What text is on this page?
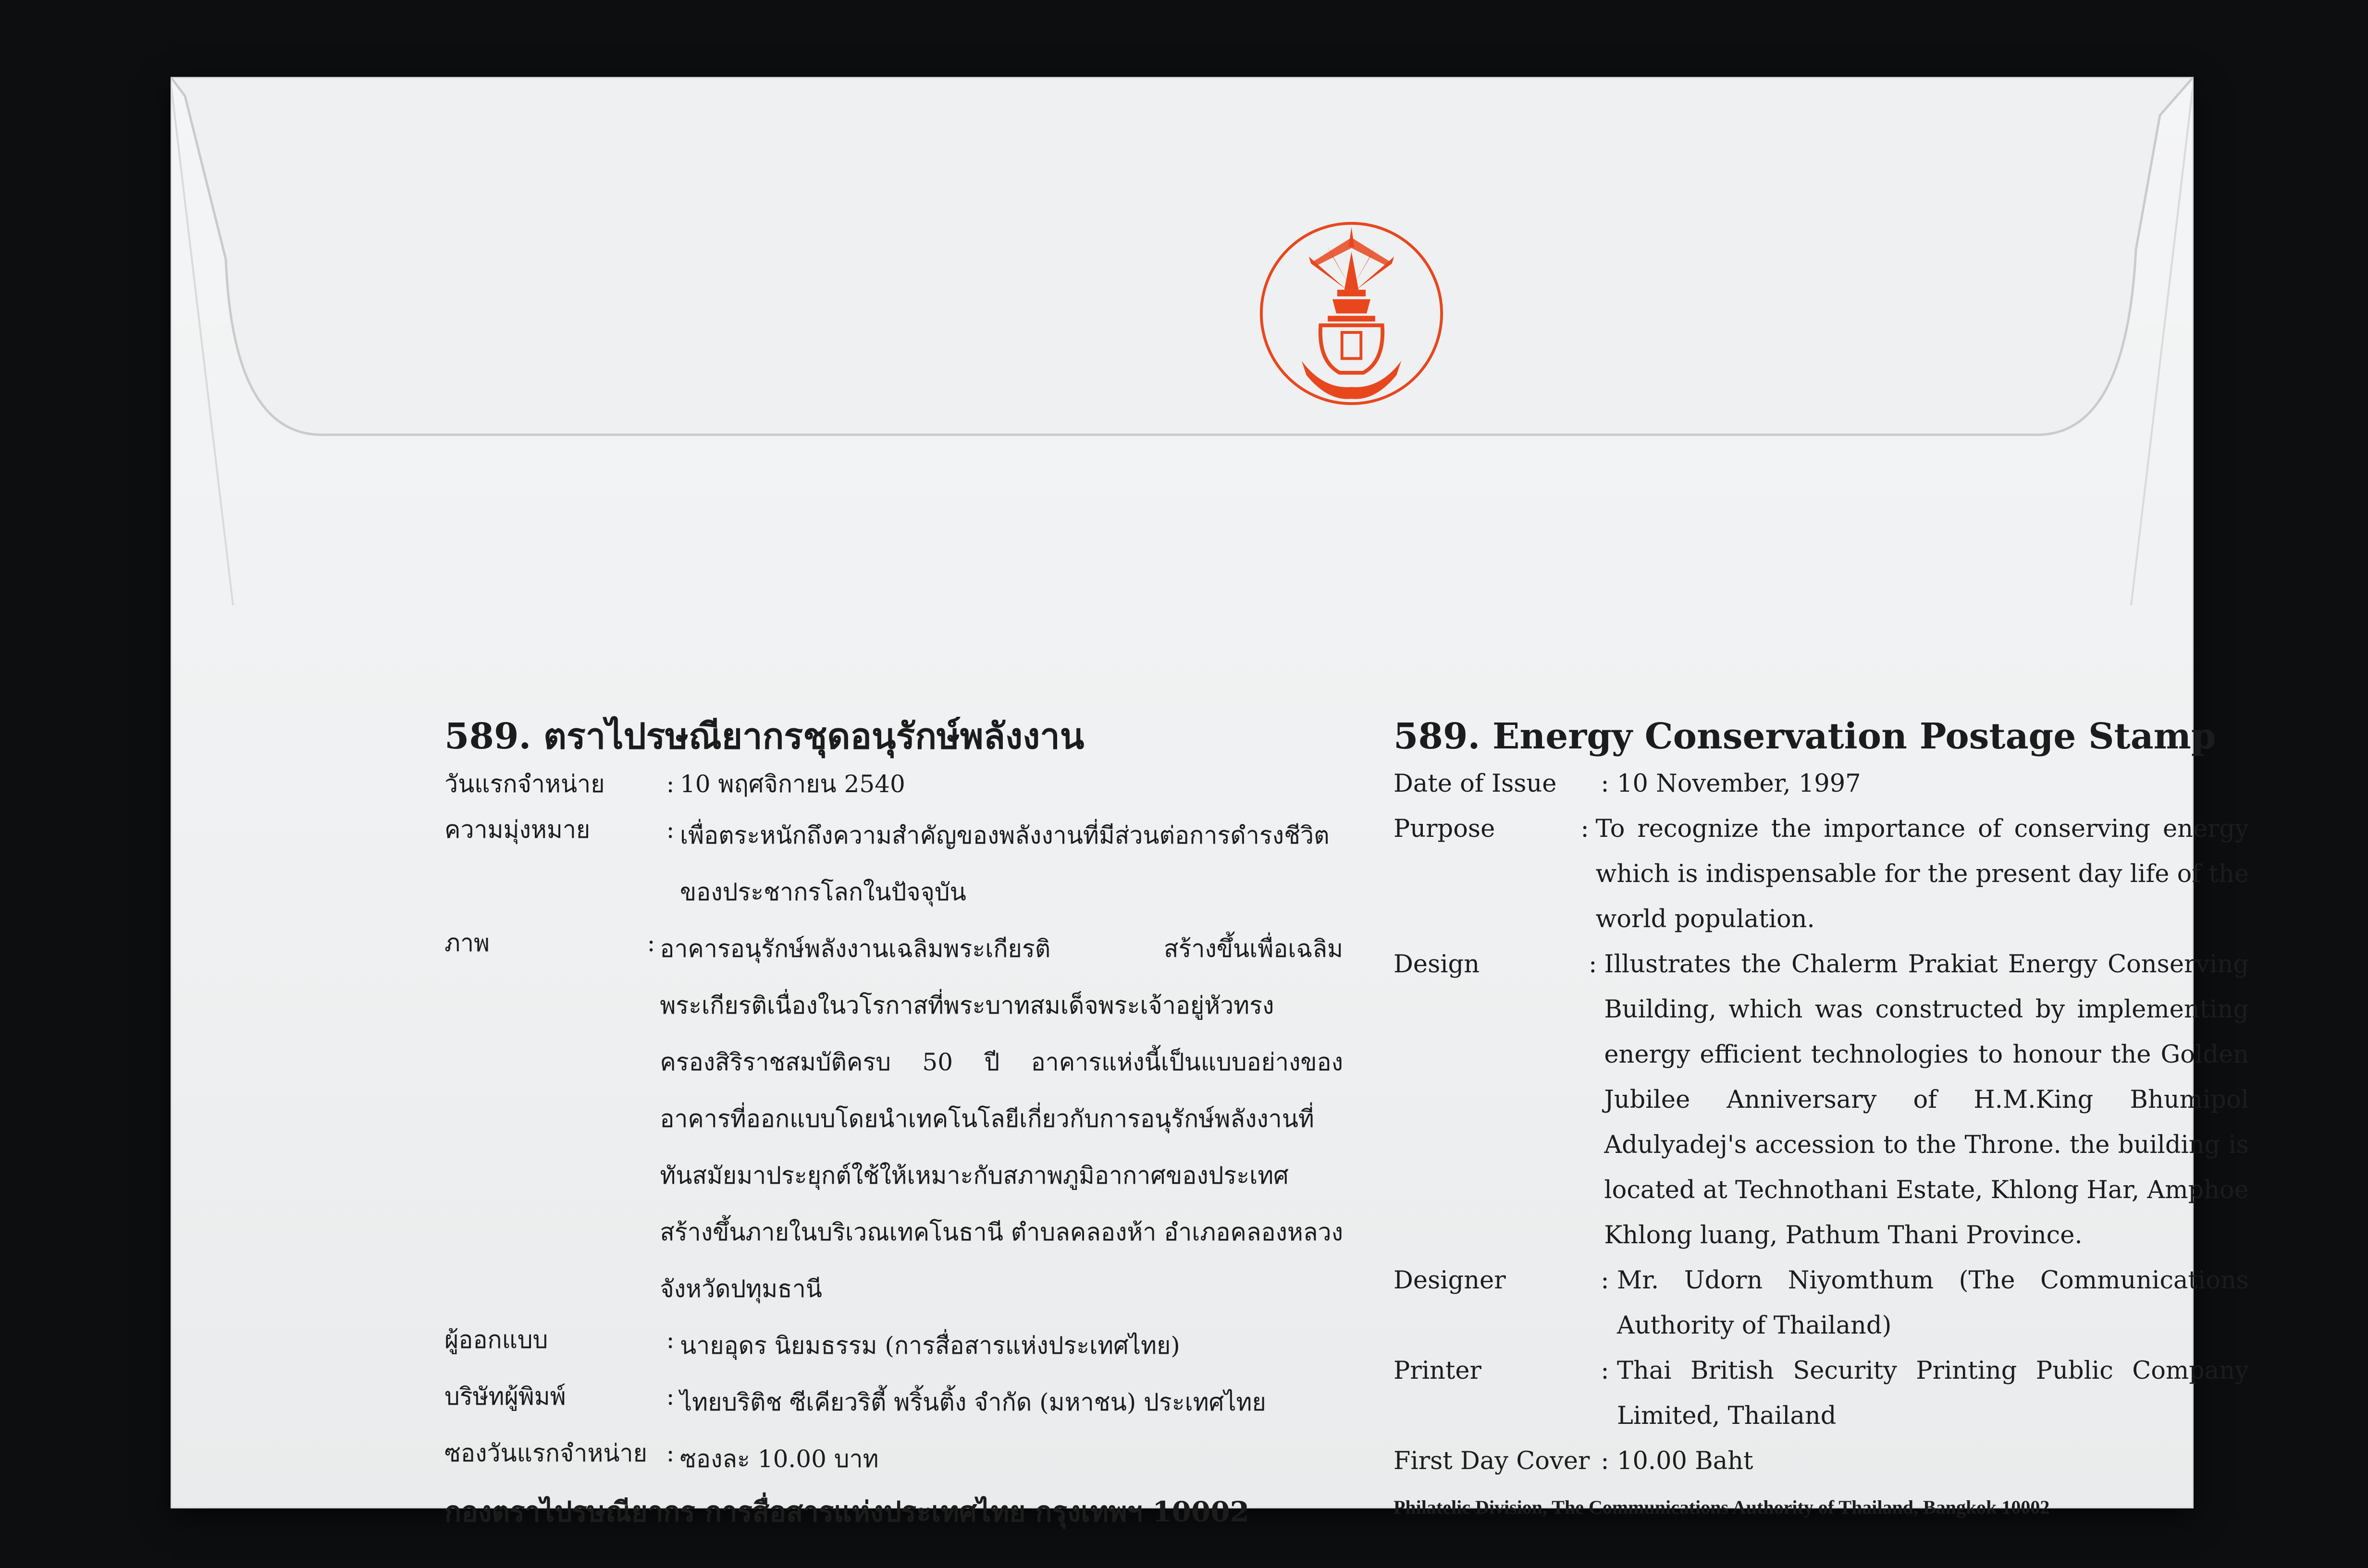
589. ตราไปรษณียากรชุดอนุรักษ์พลังงาน
วันแรกจำหน่าย	: 10 พฤศจิกายน 2540
ความมุ่งหมาย	: เพื่อตระหนักถึงความสำคัญของพลังงานที่มีส่วนต่อการดำรงชีวิต
ของประชากรโลกในปัจจุบัน
ภาพ	: อาคารอนุรักษ์พลังงานเฉลิมพระเกียรติ สร้างขึ้นเพื่อเฉลิม
พระเกียรติเนื่องในวโรกาสที่พระบาทสมเด็จพระเจ้าอยู่หัวทรง
ครองสิริราชสมบัติครบ 50 ปี อาคารแห่งนี้เป็นแบบอย่างของ
อาคารที่ออกแบบโดยนำเทคโนโลยีเกี่ยวกับการอนุรักษ์พลังงานที่
ทันสมัยมาประยุกต์ใช้ให้เหมาะกับสภาพภูมิอากาศของประเทศ
สร้างขึ้นภายในบริเวณเทคโนธานี ตำบลคลองห้า อำเภอคลองหลวง
จังหวัดปทุมธานี
ผู้ออกแบบ	: นายอุดร นิยมธรรม (การสื่อสารแห่งประเทศไทย)
บริษัทผู้พิมพ์	: ไทยบริติช ซีเคียวริตี้ พริ้นติ้ง จำกัด (มหาชน) ประเทศไทย
ซองวันแรกจำหน่าย : ซองละ 10.00 บาท
กองตราไปรษณียากร การสื่อสารแห่งประเทศไทย กรุงเทพฯ 10002
589. Energy Conservation Postage Stamp
Date of Issue	: 10 November, 1997
Purpose	: To recognize the importance of conserving energy
which is indispensable for the present day life of the
world population.
Design	: Illustrates the Chalerm Prakiat Energy Conserving
Building, which was constructed by implementing
energy efficient technologies to honour the Golden
Jubilee Anniversary of H.M.King Bhumipol
Adulyadej's accession to the Throne. the building is
located at Technothani Estate, Khlong Har, Amphoe
Khlong luang, Pathum Thani Province.
Designer	: Mr. Udorn Niyomthum (The Communications
Authority of Thailand)
Printer	: Thai British Security Printing Public Company
Limited, Thailand
First Day Cover : 10.00 Baht
Philatelic Division, The Communications Authority of Thailand, Bangkok 10002
